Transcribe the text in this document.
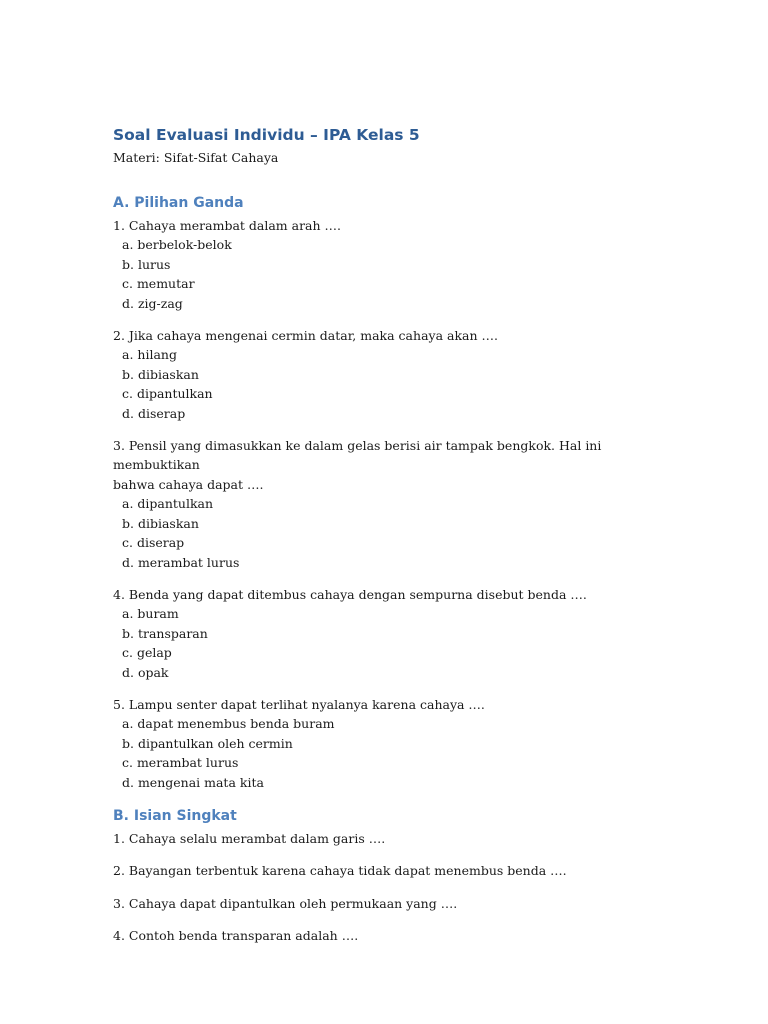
Soal Evaluasi Individu – IPA Kelas 5

Materi: Sifat-Sifat Cahaya

A. Pilihan Ganda

1. Cahaya merambat dalam arah ….

a. berbelok-belok
b. lurus
c. memutar
d. zig-zag

2. Jika cahaya mengenai cermin datar, maka cahaya akan ….

a. hilang
b. dibiaskan
c. dipantulkan
d. diserap

3. Pensil yang dimasukkan ke dalam gelas berisi air tampak bengkok. Hal ini membuktikan

bahwa cahaya dapat ….

a. dipantulkan
b. dibiaskan
c. diserap
d. merambat lurus

4. Benda yang dapat ditembus cahaya dengan sempurna disebut benda ….

a. buram
b. transparan
c. gelap
d. opak

5. Lampu senter dapat terlihat nyalanya karena cahaya ….

a. dapat menembus benda buram
b. dipantulkan oleh cermin
c. merambat lurus
d. mengenai mata kita
B. Isian Singkat

1. Cahaya selalu merambat dalam garis ….

2. Bayangan terbentuk karena cahaya tidak dapat menembus benda ….

3. Cahaya dapat dipantulkan oleh permukaan yang ….

4. Contoh benda transparan adalah ….
